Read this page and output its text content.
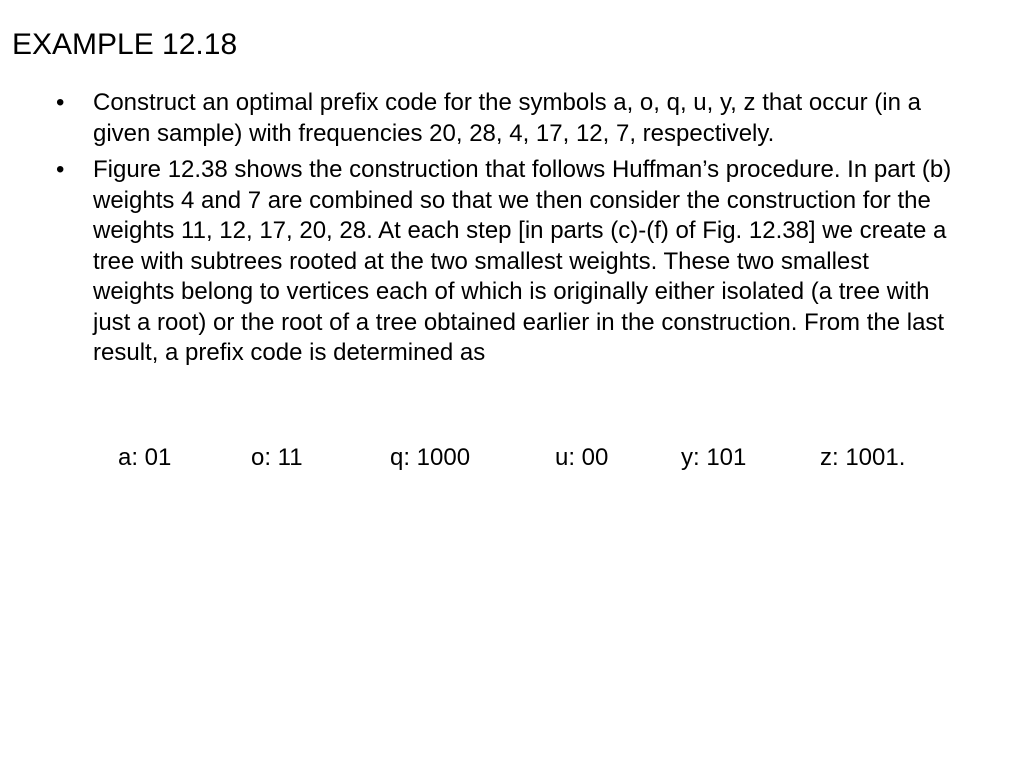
EXAMPLE 12.18
•	Construct an optimal prefix code for the symbols a, o, q, u, y, z that occur (in a given sample) with frequencies 20, 28, 4, 17, 12, 7, respectively.
•	Figure 12.38 shows the construction that follows Huffman’s procedure. In part (b) weights 4 and 7 are combined so that we then consider the construction for the weights 11, 12, 17, 20, 28. At each step [in parts (c)-(f) of Fig. 12.38] we create a tree with subtrees rooted at the two smallest weights. These two smallest weights belong to vertices each of which is originally either isolated (a tree with just a root) or the root of a tree obtained earlier in the construction. From the last result, a prefix code is determined as
a: 01	o: 11	q: 1000	u: 00	y: 101	z: 1001.
